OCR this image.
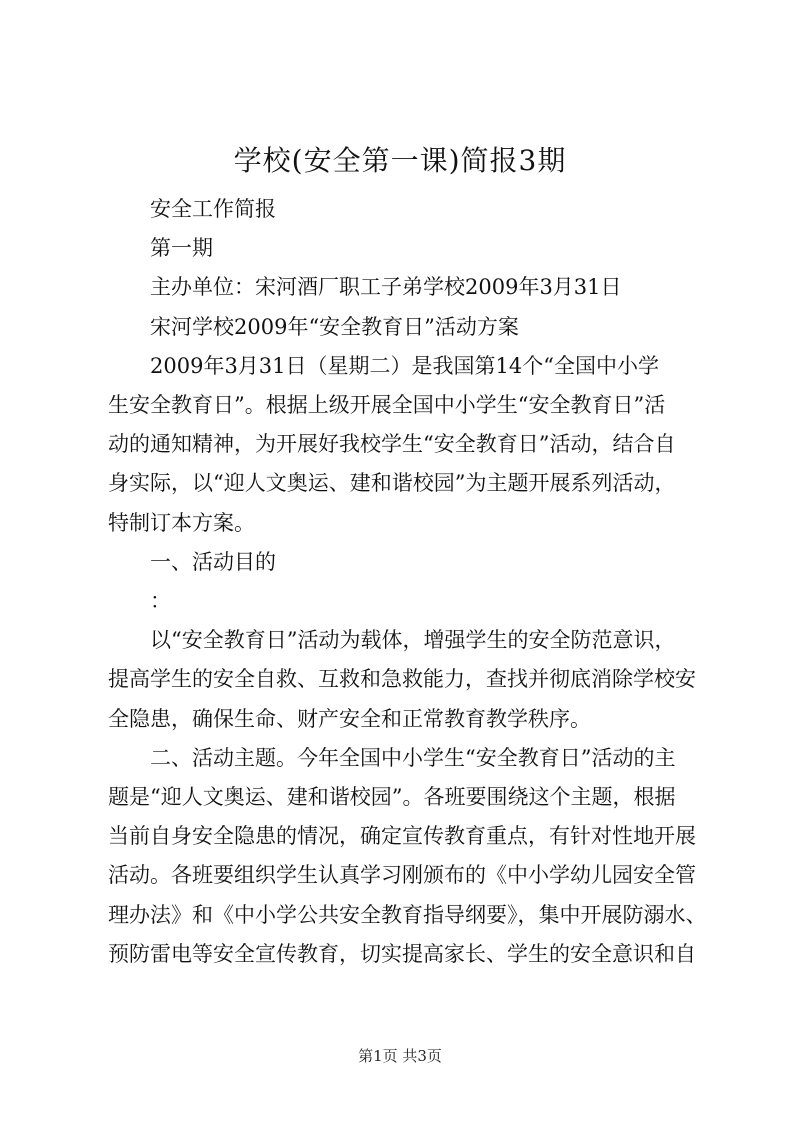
学校(安全第一课)简报3期
安全工作简报
第一期
主办单位：宋河酒厂职工子弟学校2009年3月31日
宋河学校2009年“安全教育日”活动方案
2009年3月31日（星期二）是我国第14个“全国中小学
生安全教育日”。根据上级开展全国中小学生“安全教育日”活
动的通知精神，为开展好我校学生“安全教育日”活动，结合自
身实际，以“迎人文奥运、建和谐校园”为主题开展系列活动，
特制订本方案。
一、活动目的
：
以“安全教育日”活动为载体，增强学生的安全防范意识，
提高学生的安全自救、互救和急救能力，查找并彻底消除学校安
全隐患，确保生命、财产安全和正常教育教学秩序。
二、活动主题。今年全国中小学生“安全教育日”活动的主
题是“迎人文奥运、建和谐校园”。各班要围绕这个主题，根据
当前自身安全隐患的情况，确定宣传教育重点，有针对性地开展
活动。各班要组织学生认真学习刚颁布的《中小学幼儿园安全管
理办法》和《中小学公共安全教育指导纲要》，集中开展防溺水、
预防雷电等安全宣传教育，切实提高家长、学生的安全意识和自
第1页 共3页
